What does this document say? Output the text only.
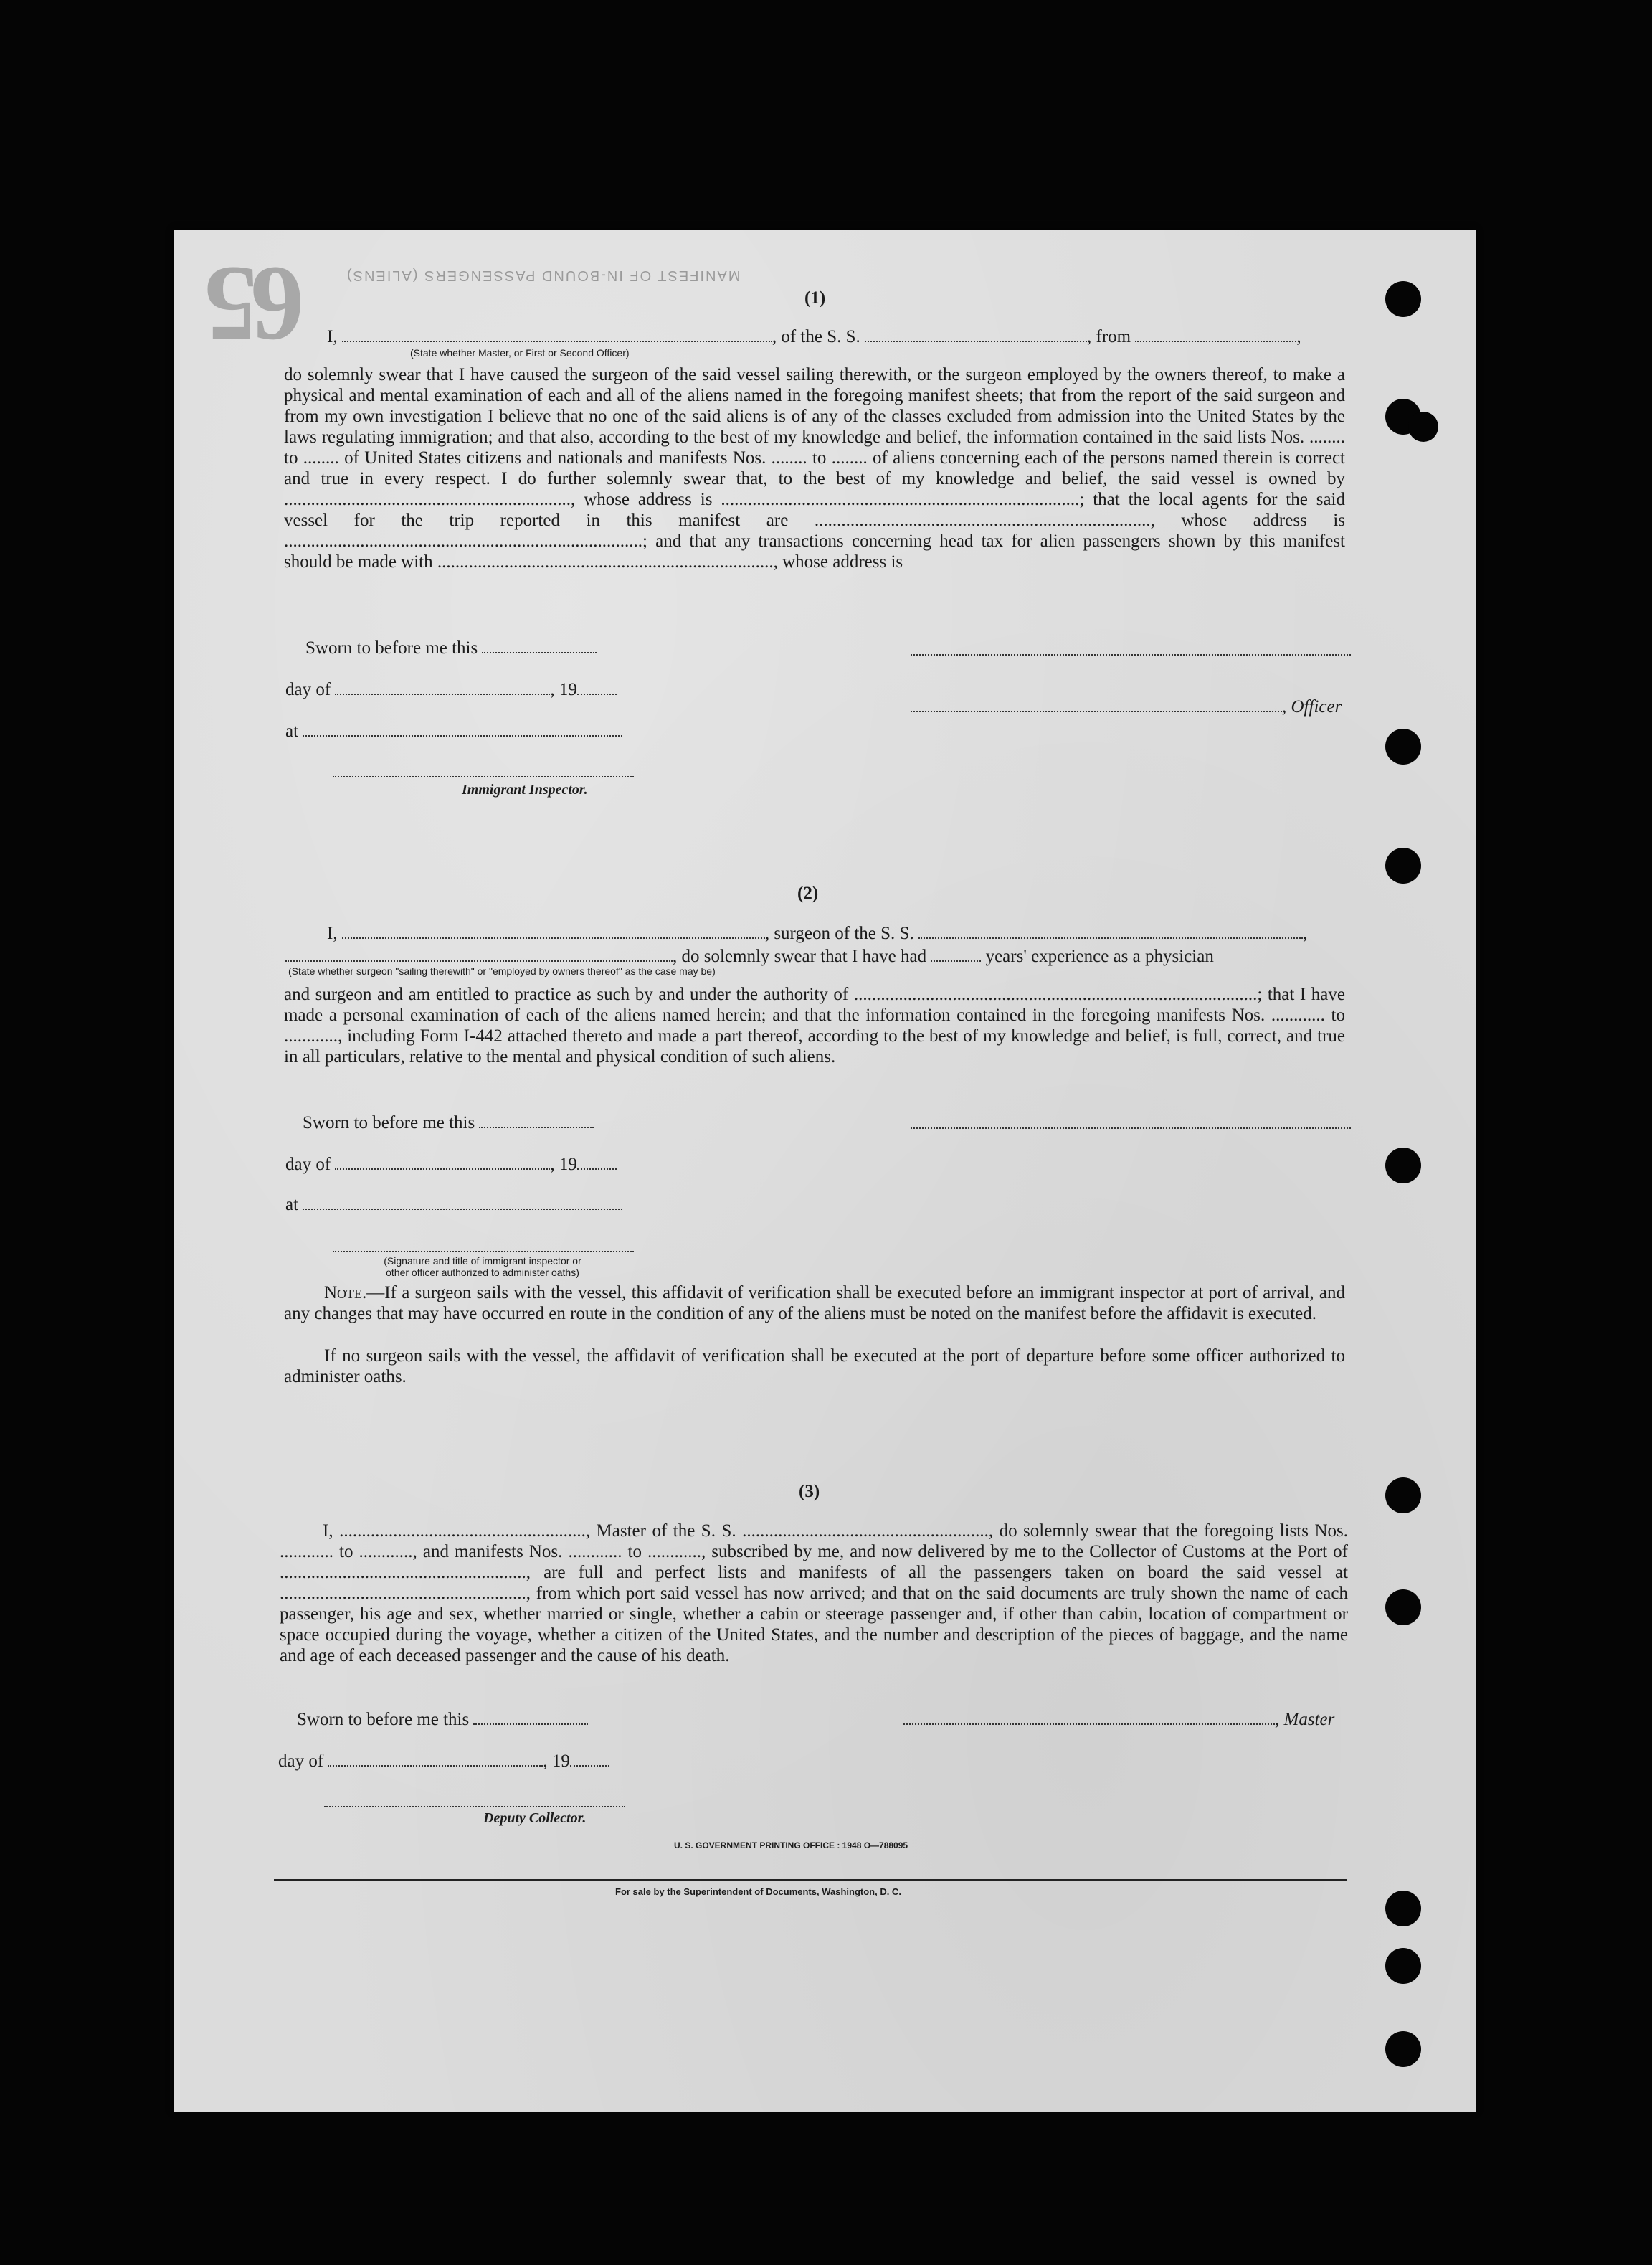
65	MANIFEST OF IN-BOUND PASSENGERS (ALIENS)
(1)
I,	, of the S. S.	, from	,
(State whether Master, or First or Second Officer)
do solemnly swear that I have caused the surgeon of the said vessel sailing therewith, or the surgeon employed by the owners thereof, to make a physical and mental examination of each and all of the aliens named in the foregoing manifest sheets; that from the report of the said surgeon and from my own investigation I believe that no one of the said aliens is of any of the classes excluded from admission into the United States by the laws regulating immigration; and that also, according to the best of my knowledge and belief, the information contained in the said lists Nos. ........ to ........ of United States citizens and nationals and manifests Nos. ........ to ........ of aliens concerning each of the persons named therein is correct and true in every respect. I do further solemnly swear that, to the best of my knowledge and belief, the said vessel is owned by ................................................................, whose address is ................................................................................; that the local agents for the said vessel for the trip reported in this manifest are ..........................................................................., whose address is ................................................................................; and that any transactions concerning head tax for alien passengers shown by this manifest should be made with ..........................................................................., whose address is
Sworn to before me this
day of	, 19
, Officer
at
Immigrant Inspector.
(2)
I,	, surgeon of the S. S.	,
, do solemnly swear that I have had	years' experience as a physician
(State whether surgeon "sailing therewith" or "employed by owners thereof" as the case may be)
and surgeon and am entitled to practice as such by and under the authority of ..........................................................................................; that I have made a personal examination of each of the aliens named herein; and that the information contained in the foregoing manifests Nos. ............ to ............, including Form I-442 attached thereto and made a part thereof, according to the best of my knowledge and belief, is full, correct, and true in all particulars, relative to the mental and physical condition of such aliens.
Sworn to before me this
day of	, 19
at
(Signature and title of immigrant inspector or
other officer authorized to administer oaths)
Note.—If a surgeon sails with the vessel, this affidavit of verification shall be executed before an immigrant inspector at port of arrival, and any changes that may have occurred en route in the condition of any of the aliens must be noted on the manifest before the affidavit is executed.
If no surgeon sails with the vessel, the affidavit of verification shall be executed at the port of departure before some officer authorized to administer oaths.
(3)
I, ......................................................., Master of the S. S. ......................................................., do solemnly swear that the foregoing lists Nos. ............ to ............, and manifests Nos. ............ to ............, subscribed by me, and now delivered by me to the Collector of Customs at the Port of ......................................................., are full and perfect lists and manifests of all the passengers taken on board the said vessel at ......................................................., from which port said vessel has now arrived; and that on the said documents are truly shown the name of each passenger, his age and sex, whether married or single, whether a cabin or steerage passenger and, if other than cabin, location of compartment or space occupied during the voyage, whether a citizen of the United States, and the number and description of the pieces of baggage, and the name and age of each deceased passenger and the cause of his death.
Sworn to before me this	, Master
day of	, 19
Deputy Collector.
U. S. GOVERNMENT PRINTING OFFICE : 1948 O—788095
For sale by the Superintendent of Documents, Washington, D. C.
